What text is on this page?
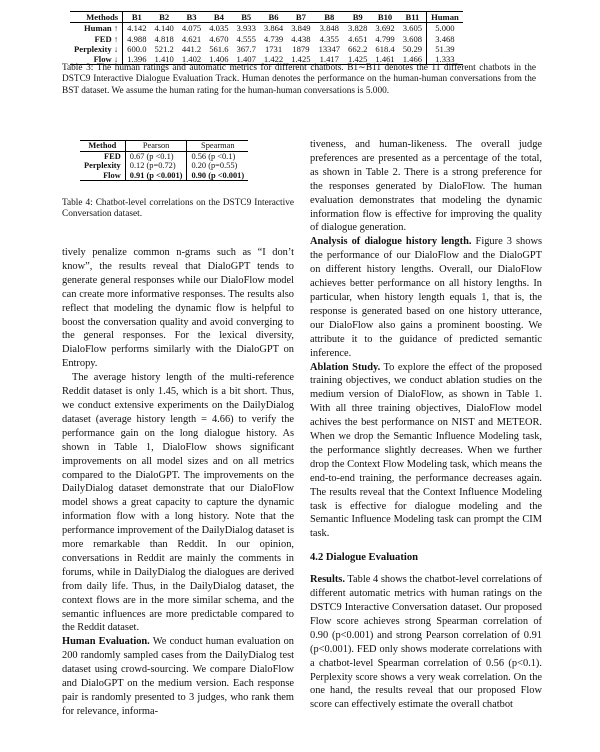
Methods	B1	B2	B3	B4	B5	B6	B7	B8	B9	B10	B11	Human
Human ↑	4.142	4.140	4.075	4.035	3.933	3.864	3.849	3.848	3.828	3.692	3.605	5.000
FED ↑	4.988	4.818	4.621	4.670	4.555	4.739	4.438	4.355	4.651	4.799	3.608	3.468
Perplexity ↓	600.0	521.2	441.2	561.6	367.7	1731	1879	13347	662.2	618.4	50.29	51.39
Flow ↓	1.396	1.410	1.402	1.406	1.407	1.422	1.425	1.417	1.425	1.461	1.466	1.333
Table 3: The human ratings and automatic metrics for different chatbots. B1∼B11 denotes the 11 different chatbots in the DSTC9 Interactive Dialogue Evaluation Track. Human denotes the performance on the human-human conversations from the BST dataset. We assume the human rating for the human-human conversations is 5.000.
Method	Pearson	Spearman
FED	0.67 (p <0.1)	0.56 (p <0.1)
Perplexity	0.12 (p=0.72)	0.20 (p=0.55)
Flow	0.91 (p <0.001)	0.90 (p <0.001)
Table 4: Chatbot-level correlations on the DSTC9 Interactive Conversation dataset.

tively penalize common n-grams such as “I don’t know”, the results reveal that DialoGPT tends to generate general responses while our DialoFlow model can create more informative responses. The results also reflect that modeling the dynamic flow is helpful to boost the conversation quality and avoid converging to the general responses. For the lexical diversity, DialoFlow performs similarly with the DialoGPT on Entropy.

The average history length of the multi-reference Reddit dataset is only 1.45, which is a bit short. Thus, we conduct extensive experiments on the DailyDialog dataset (average history length = 4.66) to verify the performance gain on the long dialogue history. As shown in Table 1, DialoFlow shows significant improvements on all model sizes and on all metrics compared to the DialoGPT. The improvements on the DailyDialog dataset demonstrate that our DialoFlow model shows a great capacity to capture the dynamic information flow with a long history. Note that the performance improvement of the DailyDialog dataset is more remarkable than Reddit. In our opinion, conversations in Reddit are mainly the comments in forums, while in DailyDialog the dialogues are derived from daily life. Thus, in the DailyDialog dataset, the context flows are in the more similar schema, and the semantic influences are more predictable compared to the Reddit dataset.

Human Evaluation. We conduct human evaluation on 200 randomly sampled cases from the DailyDialog test dataset using crowd-sourcing. We compare DialoFlow and DialoGPT on the medium version. Each response pair is randomly presented to 3 judges, who rank them for relevance, informa-

tiveness, and human-likeness. The overall judge preferences are presented as a percentage of the total, as shown in Table 2. There is a strong preference for the responses generated by DialoFlow. The human evaluation demonstrates that modeling the dynamic information flow is effective for improving the quality of dialogue generation.

Analysis of dialogue history length. Figure 3 shows the performance of our DialoFlow and the DialoGPT on different history lengths. Overall, our DialoFlow achieves better performance on all history lengths. In particular, when history length equals 1, that is, the response is generated based on one history utterance, our DialoFlow also gains a prominent boosting. We attribute it to the guidance of predicted semantic inference.

Ablation Study. To explore the effect of the proposed training objectives, we conduct ablation studies on the medium version of DialoFlow, as shown in Table 1. With all three training objectives, DialoFlow model achives the best performance on NIST and METEOR. When we drop the Semantic Influence Modeling task, the performance slightly decreases. When we further drop the Context Flow Modeling task, which means the end-to-end training, the performance decreases again. The results reveal that the Context Influence Modeling task is effective for dialogue modeling and the Semantic Influence Modeling task can prompt the CIM task.

4.2 Dialogue Evaluation

Results. Table 4 shows the chatbot-level correlations of different automatic metrics with human ratings on the DSTC9 Interactive Conversation dataset. Our proposed Flow score achieves strong Spearman correlation of 0.90 (p<0.001) and strong Pearson correlation of 0.91 (p<0.001). FED only shows moderate correlations with a chatbot-level Spearman correlation of 0.56 (p<0.1). Perplexity score shows a very weak correlation. On the one hand, the results reveal that our proposed Flow score can effectively estimate the overall chatbot
